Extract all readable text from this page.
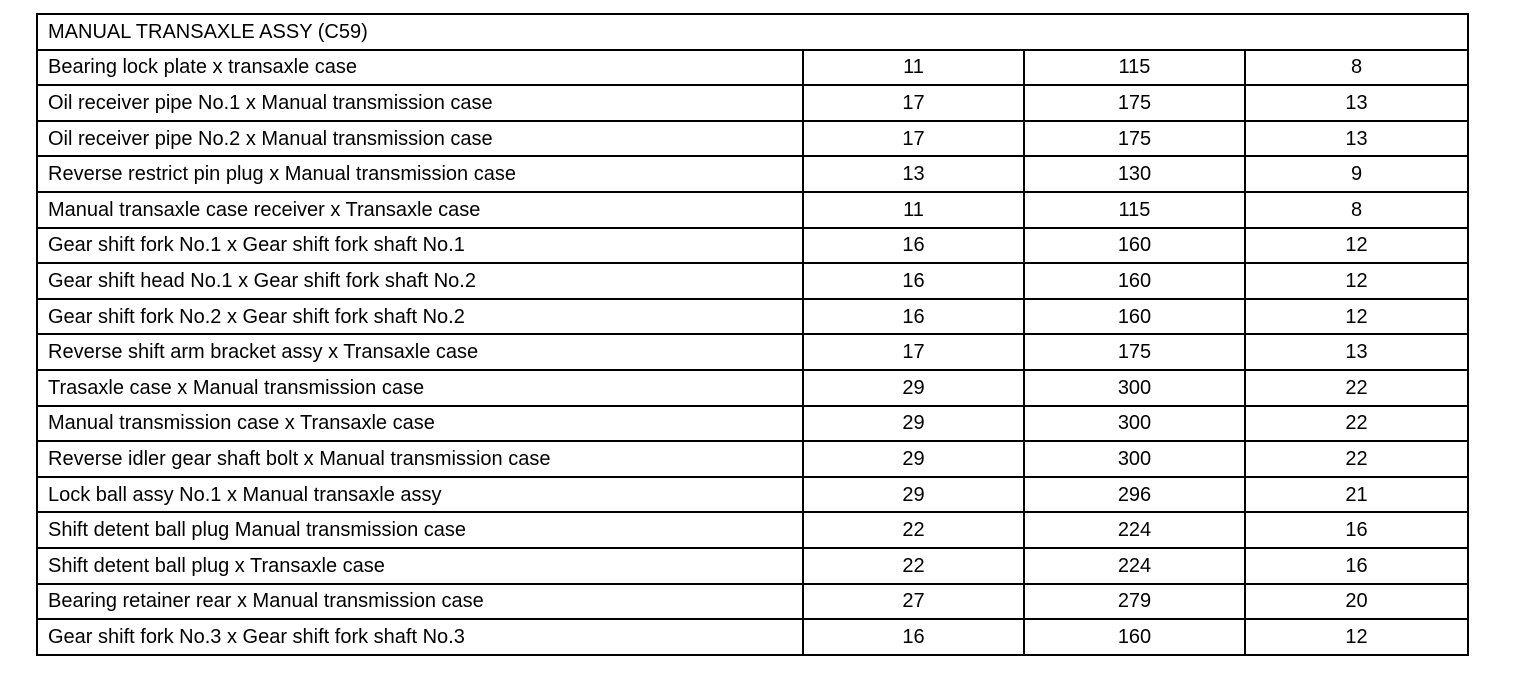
MANUAL TRANSAXLE ASSY (C59)			
Bearing lock plate x transaxle case	11	115	8
Oil receiver pipe No.1 x Manual transmission case	17	175	13
Oil receiver pipe No.2 x Manual transmission case	17	175	13
Reverse restrict pin plug x Manual transmission case	13	130	9
Manual transaxle case receiver x Transaxle case	11	115	8
Gear shift fork No.1 x Gear shift fork shaft No.1	16	160	12
Gear shift head No.1 x Gear shift fork shaft No.2	16	160	12
Gear shift fork No.2 x Gear shift fork shaft No.2	16	160	12
Reverse shift arm bracket assy x Transaxle case	17	175	13
Trasaxle case x Manual transmission case	29	300	22
Manual transmission case x Transaxle case	29	300	22
Reverse idler gear shaft bolt x Manual transmission case	29	300	22
Lock ball assy No.1 x Manual transaxle assy	29	296	21
Shift detent ball plug Manual transmission case	22	224	16
Shift detent ball plug x Transaxle case	22	224	16
Bearing retainer rear x Manual transmission case	27	279	20
Gear shift fork No.3 x Gear shift fork shaft No.3	16	160	12
